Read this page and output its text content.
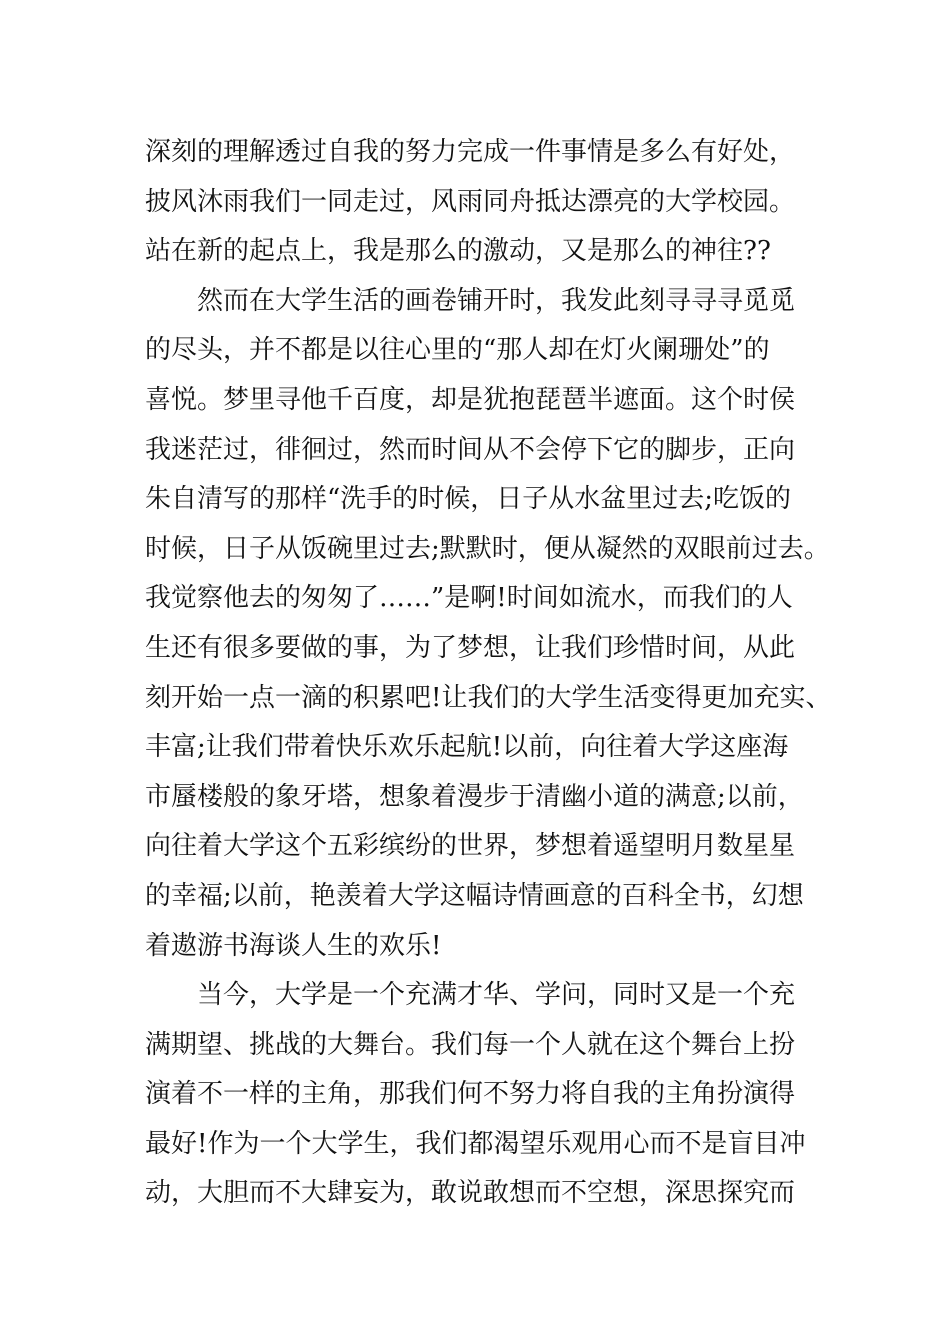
深刻的理解透过自我的努力完成一件事情是多么有好处，
披风沐雨我们一同走过，风雨同舟抵达漂亮的大学校园。
站在新的起点上，我是那么的激动，又是那么的神往??
然而在大学生活的画卷铺开时，我发此刻寻寻寻觅觅
的尽头，并不都是以往心里的“那人却在灯火阑珊处”的
喜悦。梦里寻他千百度，却是犹抱琵琶半遮面。这个时侯
我迷茫过，徘徊过，然而时间从不会停下它的脚步，正向
朱自清写的那样“洗手的时候，日子从水盆里过去;吃饭的
时候，日子从饭碗里过去;默默时，便从凝然的双眼前过去。
我觉察他去的匆匆了……”是啊!时间如流水，而我们的人
生还有很多要做的事，为了梦想，让我们珍惜时间，从此
刻开始一点一滴的积累吧!让我们的大学生活变得更加充实、
丰富;让我们带着快乐欢乐起航!以前，向往着大学这座海
市蜃楼般的象牙塔，想象着漫步于清幽小道的满意;以前，
向往着大学这个五彩缤纷的世界，梦想着遥望明月数星星
的幸福;以前，艳羡着大学这幅诗情画意的百科全书，幻想
着遨游书海谈人生的欢乐!
当今，大学是一个充满才华、学问，同时又是一个充
满期望、挑战的大舞台。我们每一个人就在这个舞台上扮
演着不一样的主角，那我们何不努力将自我的主角扮演得
最好!作为一个大学生，我们都渴望乐观用心而不是盲目冲
动，大胆而不大肆妄为，敢说敢想而不空想，深思探究而
